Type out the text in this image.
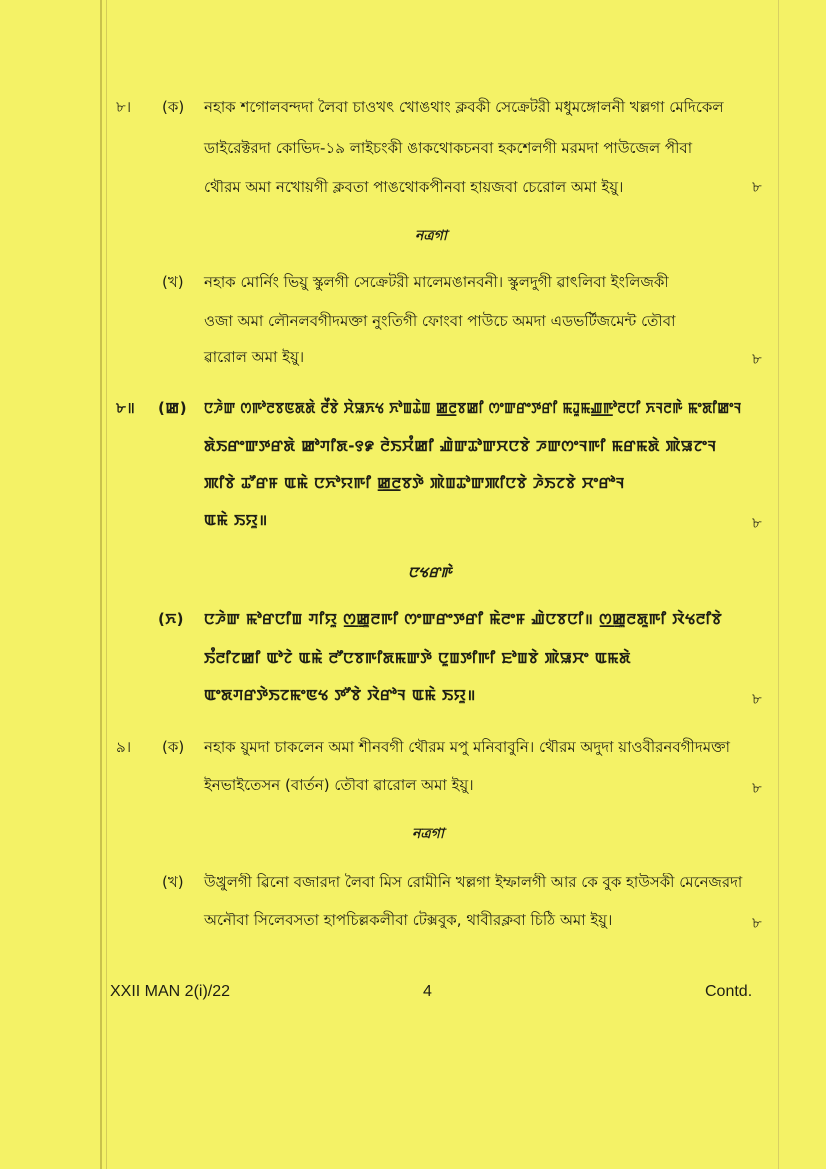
৮। (ক) নহাক শগোলবন্দদা লৈবা চাওখৎ খোঙথাং ক্লবকী সেক্রেটরী মধুমঙ্গোলনী খল্লগা মেদিকেল
ডাইরেক্টরদা কোভিদ-১৯ লাইচংকী ঙাকথোকচনবা হকশেলগী মরমদা পাউজেল পীবা
থৌরম অমা নখোয়গী ক্লবতা পাঙথোকপীনবা হায়জবা চেরোল অমা ইয়ু।	৮
নত্রগা
(খ) নহাক মোর্নিং ভিয়ু স্কুলগী সেক্রেটরী মালেমঙানবনী। স্কুলদুগী ৱাৎলিবা ইংলিজকী
ওজা অমা লৌনলবগীদমক্তা নুংতিগী ফোংবা পাউচে অমদা এডভর্টিজমেন্ট তৌবা
ৱারোল অমা ইয়ু।	৮
৮॥ (ꯀ) ꯅꯍꯥꯛ ꯁꯒꯣꯂꯕꯟꯗꯗꯥ ꯂꯩꯕꯥ ꯆꯥꯎꯈꯠ ꯈꯣꯡꯊꯥꯡ ꯀ꯭ꯂꯕꯀꯤ ꯁꯦꯛꯔꯦꯇꯔꯤ ꯃꯙꯨꯃꯉ꯭ꯒꯣꯂꯅꯤ ꯈꯜꯂꯒꯥ ꯃꯦꯗꯤꯀꯦꯜ
ꯗꯥꯏꯔꯦꯛꯇꯔꯗꯥ ꯀꯣꯚꯤꯗ-꯱꯹ ꯂꯥꯏꯆꯪꯀꯤ ꯉꯥꯛꯊꯣꯛꯆꯅꯕꯥ ꯍꯛꯁꯦꯜꯒꯤ ꯃꯔꯃꯗꯥ ꯄꯥꯎꯖꯦꯜ
ꯄꯤꯕꯥ ꯊꯧꯔꯝ ꯑꯃꯥ ꯅꯈꯣꯌꯒꯤ ꯀ꯭ꯂꯕꯇꯥ ꯄꯥꯡꯊꯣꯛꯄꯤꯅꯕꯥ ꯍꯥꯏꯖꯕꯥ ꯆꯦꯔꯣꯜ
ꯑꯃꯥ ꯏꯌꯨ॥	৮
ꯅꯠꯔꯒꯥ
(ꯈ) ꯅꯍꯥꯛ ꯃꯣꯔꯅꯤꯡ ꯚꯤꯌꯨ ꯁ꯭ꯀꯨꯂꯒꯤ ꯁꯦꯛꯔꯦꯇꯔꯤ ꯃꯥꯂꯦꯝ ꯉꯥꯅꯕꯅꯤ॥ ꯁ꯭ꯀꯨꯂꯗꯨꯒꯤ ꯋꯥꯠꯂꯤꯕꯥ
ꯏꯪꯂꯤꯖꯀꯤ ꯑꯣꯖꯥ ꯑꯃꯥ ꯂꯧꯅꯕꯒꯤꯗꯃꯛꯇꯥ ꯅꯨꯡꯇꯤꯒꯤ ꯐꯣꯡꯕꯥ ꯄꯥꯎꯆꯦ ꯑꯃꯗꯥ
ꯑꯦꯗꯚꯔꯇꯥꯏꯖꯃꯦꯟꯠ ꯇꯧꯕꯥ ꯋꯥꯔꯣꯜ ꯑꯃꯥ ꯏꯌꯨ॥	৮
৯। (ক) নহাক য়ুমদা চাকলেন অমা শীনবগী থৌরম মপু মনিবাবুনি। থৌরম অদুদা য়াওবীরনবগীদমক্তা
ইনভাইতেসন (বার্তন) তৌবা ৱারোল অমা ইয়ু।	৮
নত্রগা
(খ) উখ্রুলগী ৱিনো বজারদা লৈবা মিস রোমীনি খল্লগা ইম্ফালগী আর কে বুক হাউসকী মেনেজরদা
অনৌবা সিলেবসতা হাপচিল্লকলীবা টেক্সবুক, থাবীরক্লবা চিঠি অমা ইয়ু।	৮
XXII MAN 2(i)/22	4	Contd.
